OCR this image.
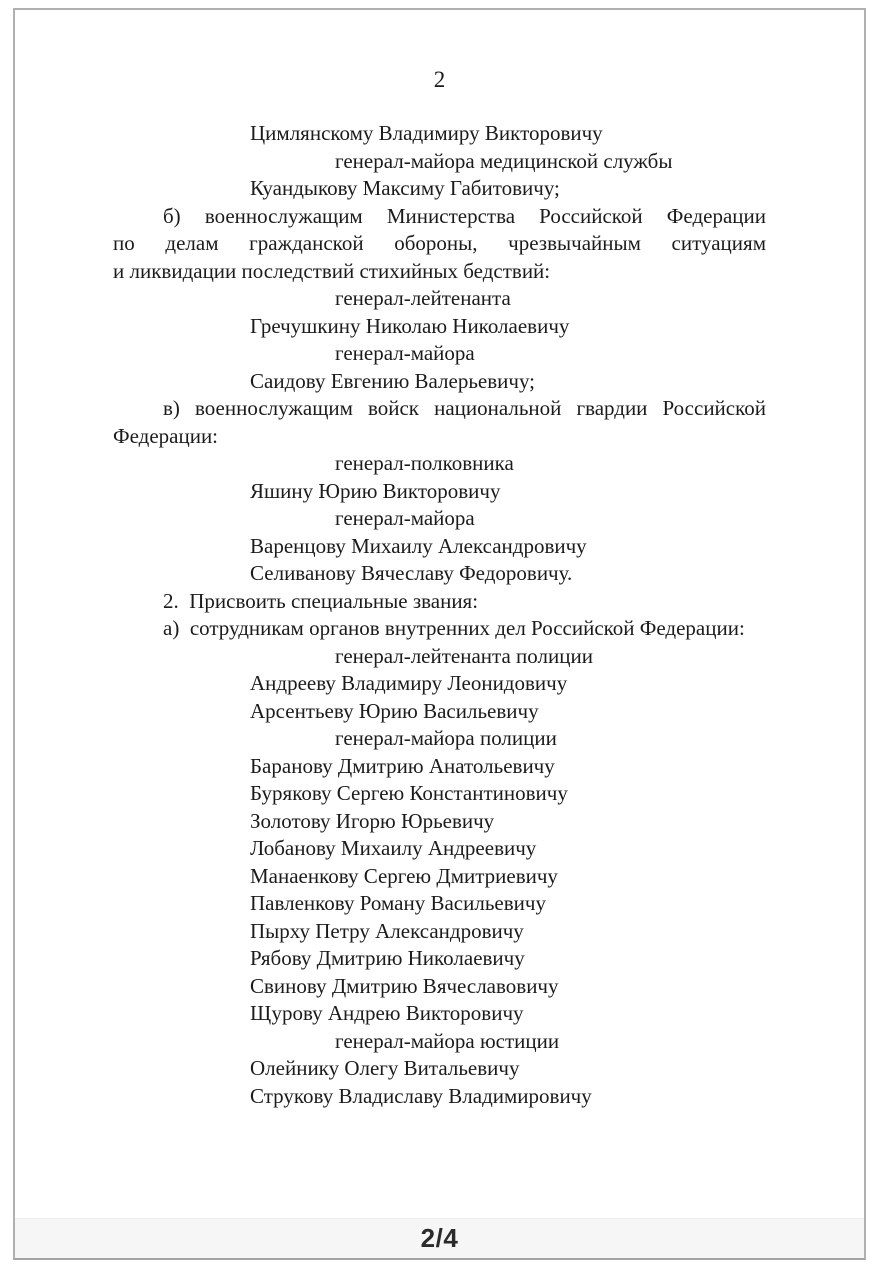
2
Цимлянскому Владимиру Викторовичу
генерал-майора медицинской службы
Куандыкову Максиму Габитовичу;
б) военнослужащим Министерства Российской Федерации
по делам гражданской обороны, чрезвычайным ситуациям
и ликвидации последствий стихийных бедствий:
генерал-лейтенанта
Гречушкину Николаю Николаевичу
генерал-майора
Саидову Евгению Валерьевичу;
в) военнослужащим войск национальной гвардии Российской
Федерации:
генерал-полковника
Яшину Юрию Викторовичу
генерал-майора
Варенцову Михаилу Александровичу
Селиванову Вячеславу Федоровичу.
2.  Присвоить специальные звания:
а)  сотрудникам органов внутренних дел Российской Федерации:
генерал-лейтенанта полиции
Андрееву Владимиру Леонидовичу
Арсентьеву Юрию Васильевичу
генерал-майора полиции
Баранову Дмитрию Анатольевичу
Бурякову Сергею Константиновичу
Золотову Игорю Юрьевичу
Лобанову Михаилу Андреевичу
Манаенкову Сергею Дмитриевичу
Павленкову Роману Васильевичу
Пырху Петру Александровичу
Рябову Дмитрию Николаевичу
Свинову Дмитрию Вячеславовичу
Щурову Андрею Викторовичу
генерал-майора юстиции
Олейнику Олегу Витальевичу
Струкову Владиславу Владимировичу
2/4
